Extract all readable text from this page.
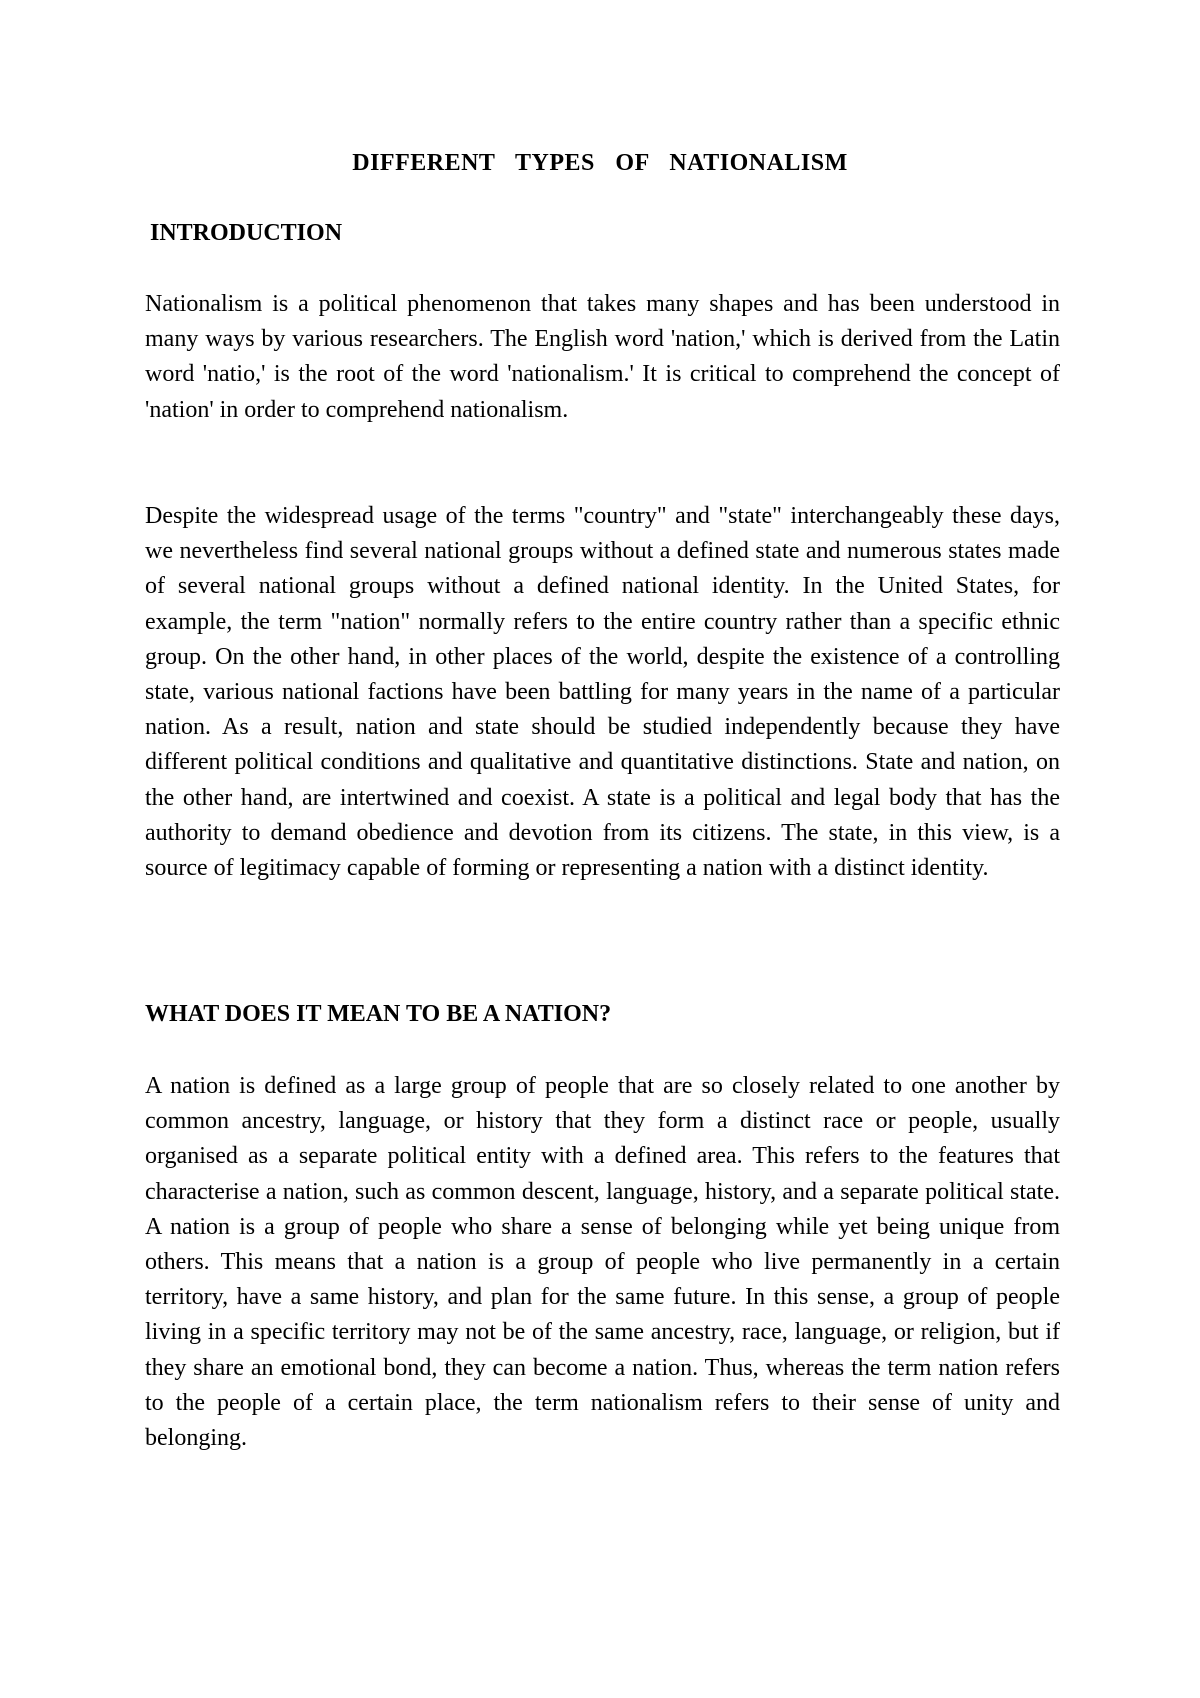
DIFFERENT TYPES OF NATIONALISM
INTRODUCTION

Nationalism is a political phenomenon that takes many shapes and has been understood in many ways by various researchers. The English word 'nation,' which is derived from the Latin word 'natio,' is the root of the word 'nationalism.' It is critical to comprehend the concept of 'nation' in order to comprehend nationalism.

Despite the widespread usage of the terms "country" and "state" interchangeably these days, we nevertheless find several national groups without a defined state and numerous states made of several national groups without a defined national identity. In the United States, for example, the term "nation" normally refers to the entire country rather than a specific ethnic group. On the other hand, in other places of the world, despite the existence of a controlling state, various national factions have been battling for many years in the name of a particular nation. As a result, nation and state should be studied independently because they have different political conditions and qualitative and quantitative distinctions. State and nation, on the other hand, are intertwined and coexist. A state is a political and legal body that has the authority to demand obedience and devotion from its citizens. The state, in this view, is a source of legitimacy capable of forming or representing a nation with a distinct identity.

WHAT DOES IT MEAN TO BE A NATION?

A nation is defined as a large group of people that are so closely related to one another by common ancestry, language, or history that they form a distinct race or people, usually organised as a separate political entity with a defined area. This refers to the features that characterise a nation, such as common descent, language, history, and a separate political state. A nation is a group of people who share a sense of belonging while yet being unique from others. This means that a nation is a group of people who live permanently in a certain territory, have a same history, and plan for the same future. In this sense, a group of people living in a specific territory may not be of the same ancestry, race, language, or religion, but if they share an emotional bond, they can become a nation. Thus, whereas the term nation refers to the people of a certain place, the term nationalism refers to their sense of unity and belonging.
